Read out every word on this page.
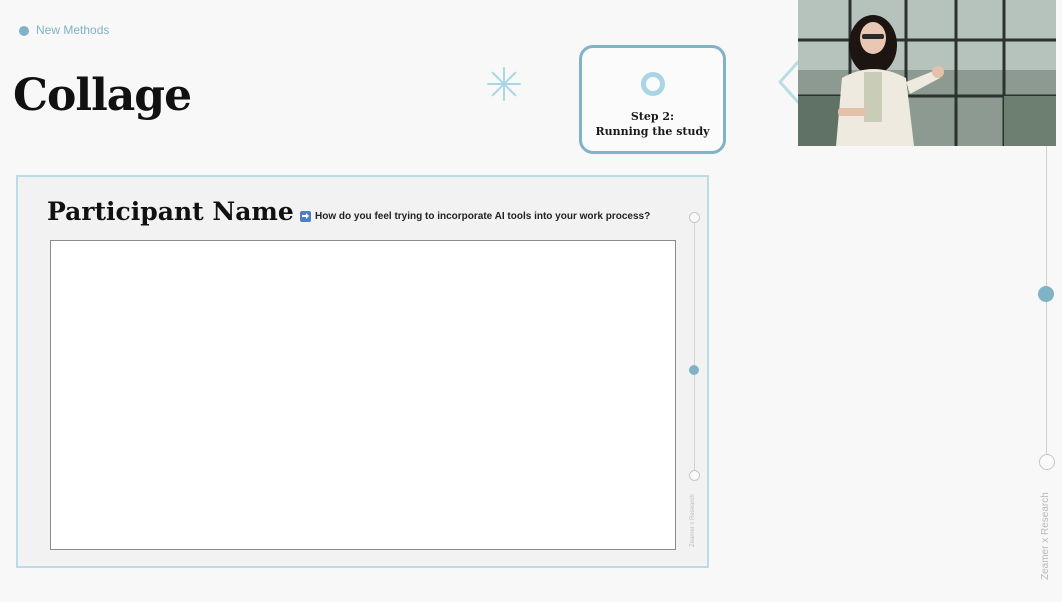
New Methods
Collage	Step 2:
Running the study
Zeamer x Research
Participant Name How do you feel trying to incorporate AI tools into your work process?
Zeamer x Research
